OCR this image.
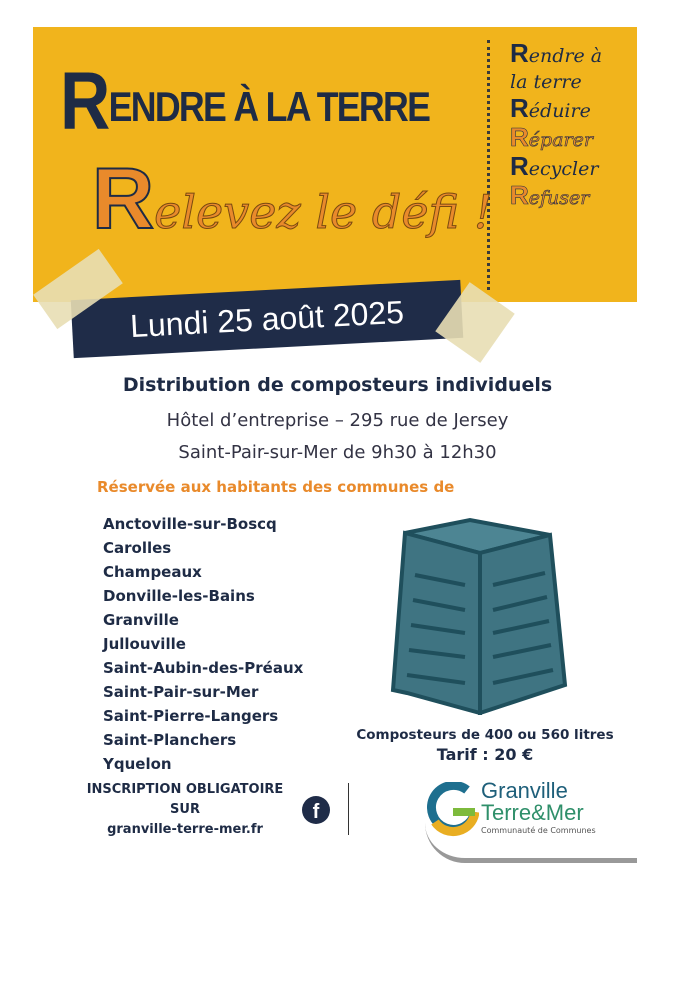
RENDRE À LA TERRE
Relevez le défi !
Rendre à
la terre
Réduire
Réparer
Recycler
Refuser
Lundi 25 août 2025
Distribution de composteurs individuels
Hôtel d’entreprise – 295 rue de Jersey
Saint-Pair-sur-Mer de 9h30 à 12h30
Réservée aux habitants des communes de
Anctoville-sur-Boscq
Carolles
Champeaux
Donville-les-Bains
Granville
Jullouville
Saint-Aubin-des-Préaux
Saint-Pair-sur-Mer
Saint-Pierre-Langers
Saint-Planchers
Yquelon
INSCRIPTION OBLIGATOIRE
SUR
granville-terre-mer.fr
f
Composteurs de 400 ou 560 litres
Tarif : 20 €
Granville
Terre&Mer
Communauté de Communes
